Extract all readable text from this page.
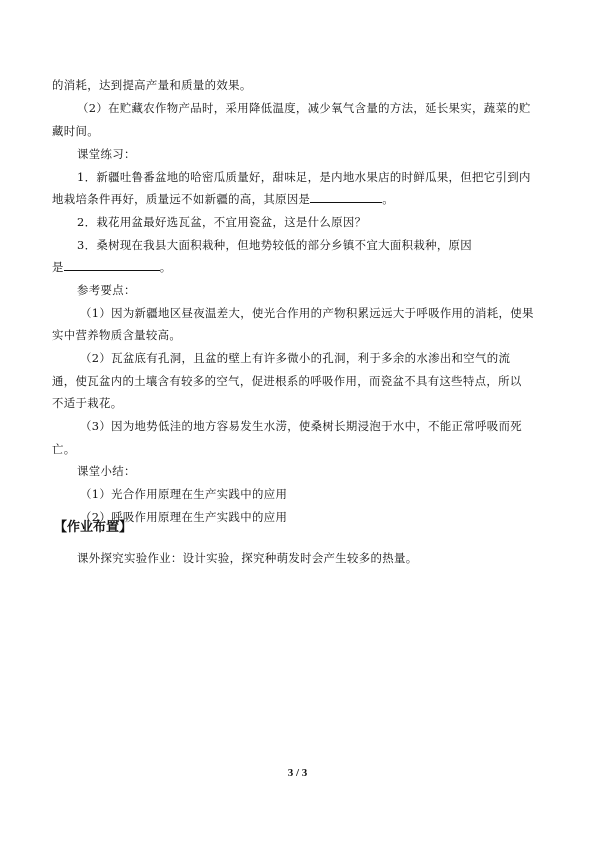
的消耗，达到提高产量和质量的效果。
（2）在贮藏农作物产品时，采用降低温度，减少氧气含量的方法，延长果实，蔬菜的贮
藏时间。
课堂练习：
1．新疆吐鲁番盆地的哈密瓜质量好，甜味足，是内地水果店的时鲜瓜果，但把它引到内
地栽培条件再好，质量远不如新疆的高，其原因是	。
2．栽花用盆最好选瓦盆，不宜用瓷盆，这是什么原因？
3．桑树现在我县大面积栽种，但地势较低的部分乡镇不宜大面积栽种，原因
是	。
参考要点：
（1）因为新疆地区昼夜温差大，使光合作用的产物积累远远大于呼吸作用的消耗，使果
实中营养物质含量较高。
（2）瓦盆底有孔洞，且盆的壁上有许多微小的孔洞，利于多余的水渗出和空气的流
通，使瓦盆内的土壤含有较多的空气，促进根系的呼吸作用，而瓷盆不具有这些特点，所以
不适于栽花。
（3）因为地势低洼的地方容易发生水涝，使桑树长期浸泡于水中，不能正常呼吸而死
亡。
课堂小结：
（1）光合作用原理在生产实践中的应用
（2）呼吸作用原理在生产实践中的应用
【作业布置】
课外探究实验作业：设计实验，探究种萌发时会产生较多的热量。
3 / 3
